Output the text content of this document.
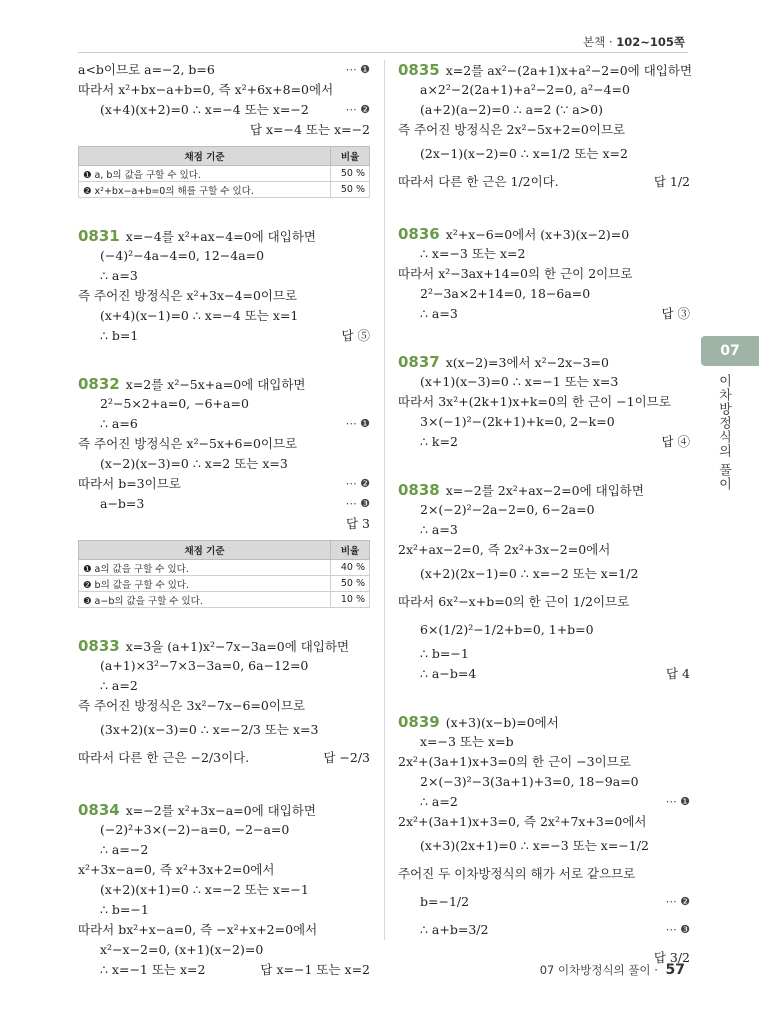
본책 · 102~105쪽
a<b이므로 a=−2, b=6	⋯ ❶
따라서 x²+bx−a+b=0, 즉 x²+6x+8=0에서
(x+4)(x+2)=0 ∴ x=−4 또는 x=−2	⋯ ❷
답 x=−4 또는 x=−2
채점 기준	비율
❶ a, b의 값을 구할 수 있다.	50 %
❷ x²+bx−a+b=0의 해를 구할 수 있다.	50 %
0831 x=−4를 x²+ax−4=0에 대입하면
(−4)²−4a−4=0, 12−4a=0
∴ a=3
즉 주어진 방정식은 x²+3x−4=0이므로
(x+4)(x−1)=0 ∴ x=−4 또는 x=1
∴ b=1	답 ⑤
0832 x=2를 x²−5x+a=0에 대입하면
2²−5×2+a=0, −6+a=0
∴ a=6	⋯ ❶
즉 주어진 방정식은 x²−5x+6=0이므로
(x−2)(x−3)=0 ∴ x=2 또는 x=3
따라서 b=3이므로	⋯ ❷
a−b=3	⋯ ❸
답 3
채점 기준	비율
❶ a의 값을 구할 수 있다.	40 %
❷ b의 값을 구할 수 있다.	50 %
❸ a−b의 값을 구할 수 있다.	10 %
0833 x=3을 (a+1)x²−7x−3a=0에 대입하면
(a+1)×3²−7×3−3a=0, 6a−12=0
∴ a=2
즉 주어진 방정식은 3x²−7x−6=0이므로
(3x+2)(x−3)=0 ∴ x=−2/3 또는 x=3
따라서 다른 한 근은 −2/3이다.	답 −2/3
0834 x=−2를 x²+3x−a=0에 대입하면
(−2)²+3×(−2)−a=0, −2−a=0
∴ a=−2
x²+3x−a=0, 즉 x²+3x+2=0에서
(x+2)(x+1)=0 ∴ x=−2 또는 x=−1
∴ b=−1
따라서 bx²+x−a=0, 즉 −x²+x+2=0에서
x²−x−2=0, (x+1)(x−2)=0
∴ x=−1 또는 x=2	답 x=−1 또는 x=2
0835 x=2를 ax²−(2a+1)x+a²−2=0에 대입하면
a×2²−2(2a+1)+a²−2=0, a²−4=0
(a+2)(a−2)=0 ∴ a=2 (∵ a>0)
즉 주어진 방정식은 2x²−5x+2=0이므로
(2x−1)(x−2)=0 ∴ x=1/2 또는 x=2
따라서 다른 한 근은 1/2이다.	답 1/2
0836 x²+x−6=0에서 (x+3)(x−2)=0
∴ x=−3 또는 x=2
따라서 x²−3ax+14=0의 한 근이 2이므로
2²−3a×2+14=0, 18−6a=0
∴ a=3	답 ③
0837 x(x−2)=3에서 x²−2x−3=0
(x+1)(x−3)=0 ∴ x=−1 또는 x=3
따라서 3x²+(2k+1)x+k=0의 한 근이 −1이므로
3×(−1)²−(2k+1)+k=0, 2−k=0
∴ k=2	답 ④
0838 x=−2를 2x²+ax−2=0에 대입하면
2×(−2)²−2a−2=0, 6−2a=0
∴ a=3
2x²+ax−2=0, 즉 2x²+3x−2=0에서
(x+2)(2x−1)=0 ∴ x=−2 또는 x=1/2
따라서 6x²−x+b=0의 한 근이 1/2이므로
6×(1/2)²−1/2+b=0, 1+b=0
∴ b=−1
∴ a−b=4	답 4
0839 (x+3)(x−b)=0에서
x=−3 또는 x=b
2x²+(3a+1)x+3=0의 한 근이 −3이므로
2×(−3)²−3(3a+1)+3=0, 18−9a=0
∴ a=2	⋯ ❶
2x²+(3a+1)x+3=0, 즉 2x²+7x+3=0에서
(x+3)(2x+1)=0 ∴ x=−3 또는 x=−1/2
주어진 두 이차방정식의 해가 서로 같으므로
b=−1/2	⋯ ❷
∴ a+b=3/2	⋯ ❸
답 3/2
07
이차방정식의 풀이
07 이차방정식의 풀이 · 57
